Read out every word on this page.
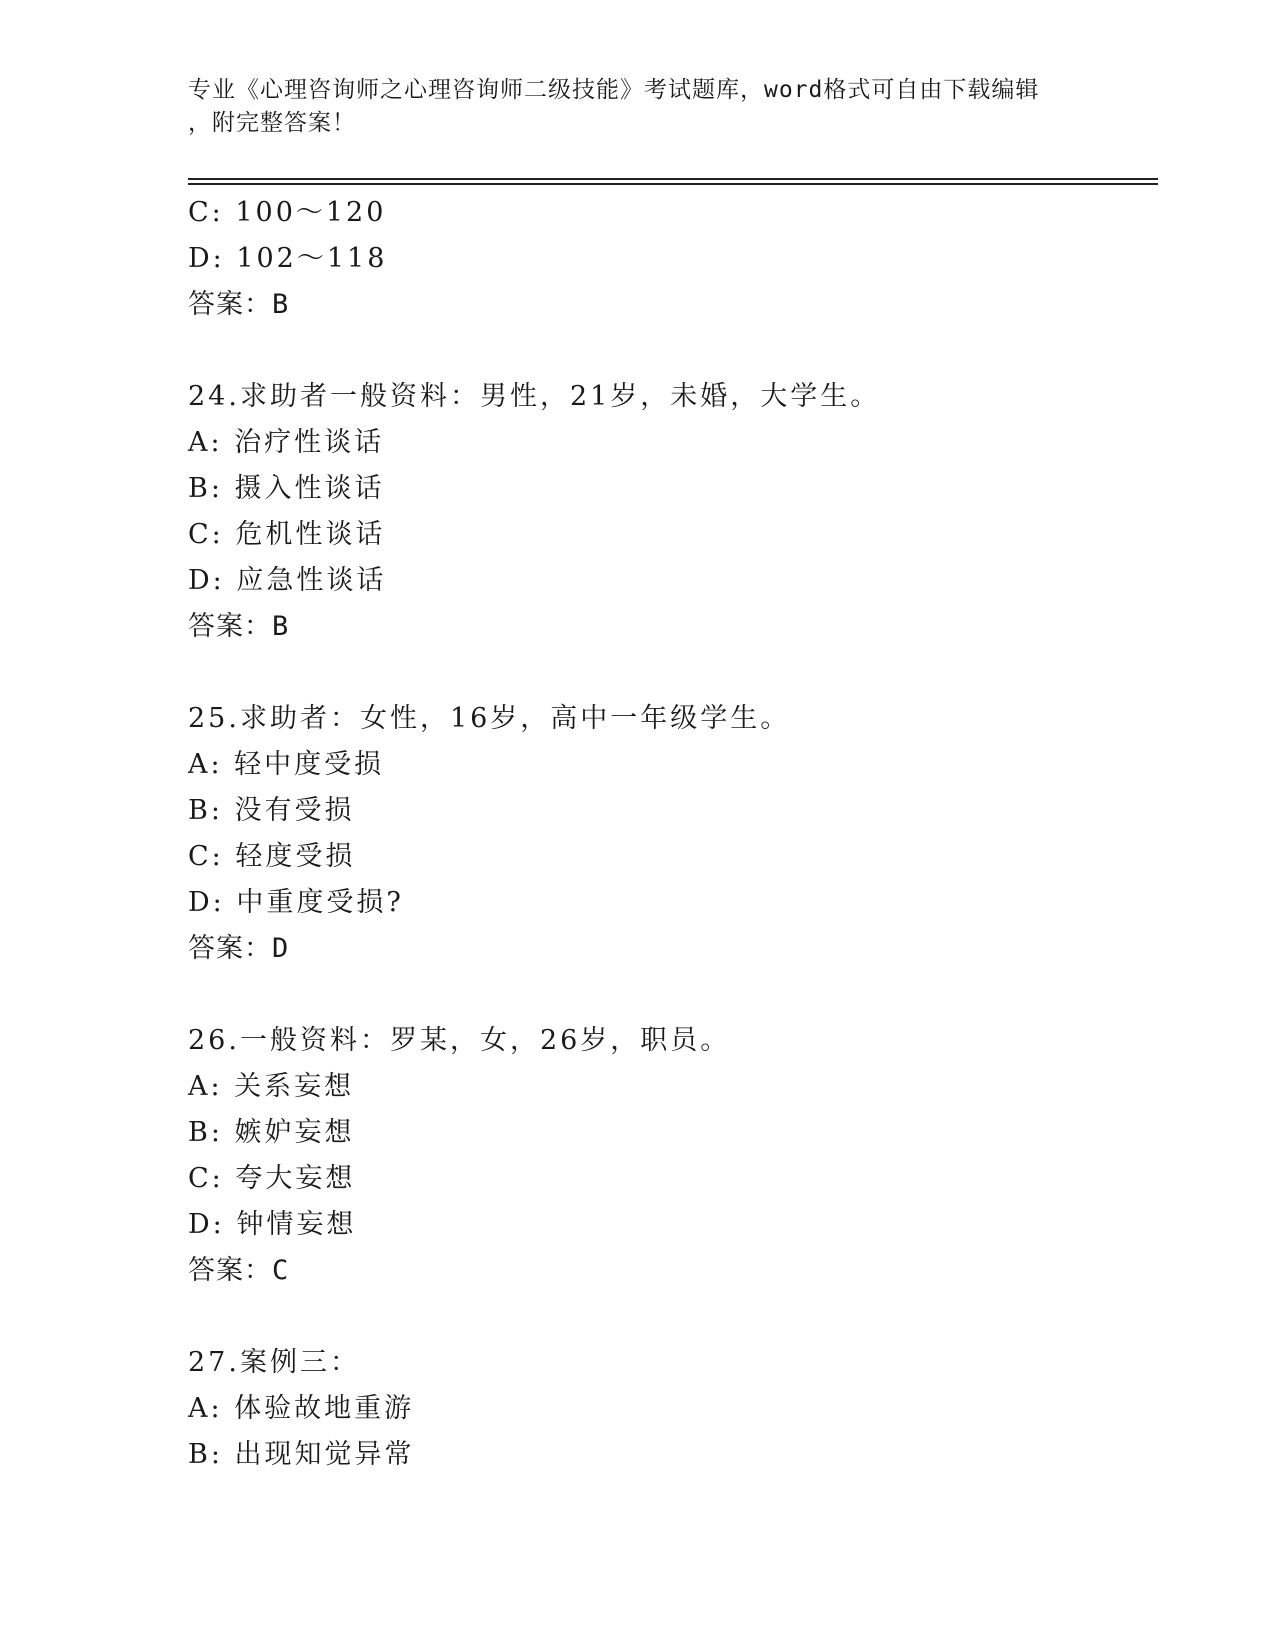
专业《心理咨询师之心理咨询师二级技能》考试题库，word格式可自由下载编辑
，附完整答案！
C: 100～120
D: 102～118
答案：B
24.求助者一般资料：男性，21岁，未婚，大学生。
A: 治疗性谈话
B: 摄入性谈话
C: 危机性谈话
D: 应急性谈话
答案：B
25.求助者：女性，16岁，高中一年级学生。
A: 轻中度受损
B: 没有受损
C: 轻度受损
D: 中重度受损?
答案：D
26.一般资料：罗某，女，26岁，职员。
A: 关系妄想
B: 嫉妒妄想
C: 夸大妄想
D: 钟情妄想
答案：C
27.案例三：
A: 体验故地重游
B: 出现知觉异常
